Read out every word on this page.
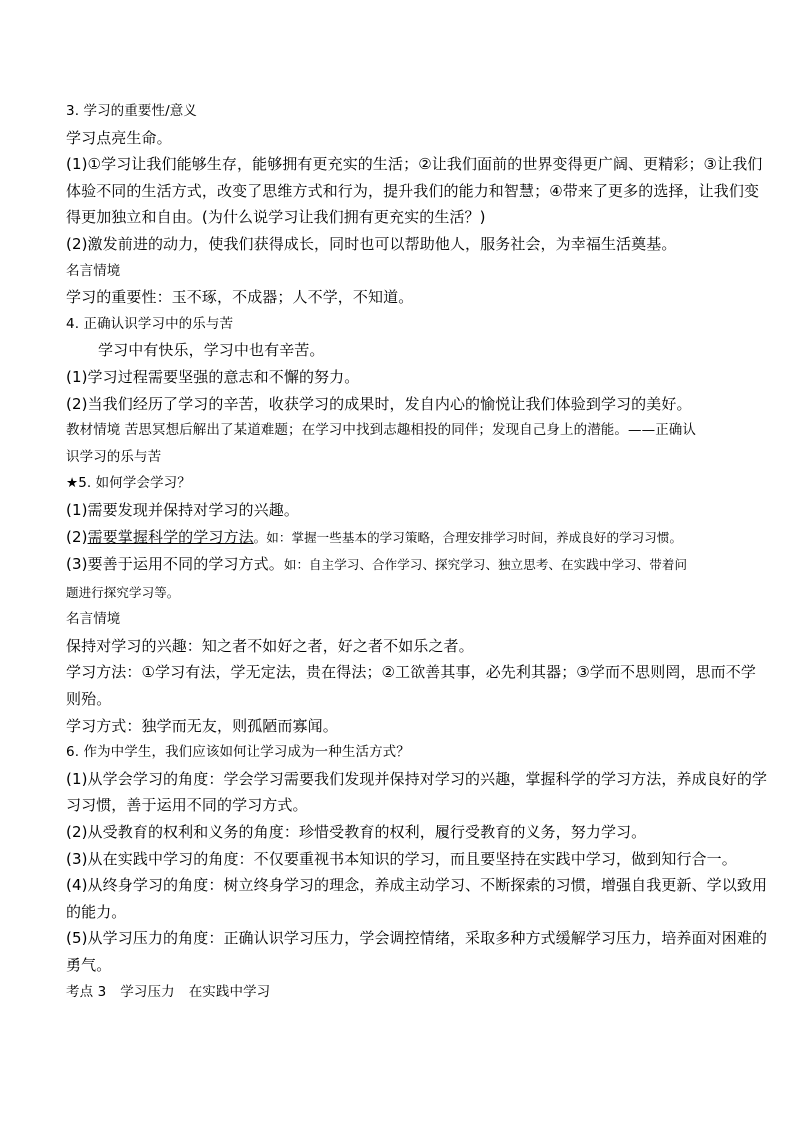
3. 学习的重要性/意义
学习点亮生命。
(1)①学习让我们能够生存，能够拥有更充实的生活；②让我们面前的世界变得更广阔、更精彩；③让我们
体验不同的生活方式，改变了思维方式和行为，提升我们的能力和智慧；④带来了更多的选择，让我们变
得更加独立和自由。(为什么说学习让我们拥有更充实的生活？)
(2)激发前进的动力，使我们获得成长，同时也可以帮助他人，服务社会，为幸福生活奠基。
名言情境
学习的重要性：玉不琢，不成器；人不学，不知道。
4. 正确认识学习中的乐与苦
学习中有快乐，学习中也有辛苦。
(1)学习过程需要坚强的意志和不懈的努力。
(2)当我们经历了学习的辛苦，收获学习的成果时，发自内心的愉悦让我们体验到学习的美好。
教材情境 苦思冥想后解出了某道难题；在学习中找到志趣相投的同伴；发现自己身上的潜能。——正确认
识学习的乐与苦
★5. 如何学会学习？
(1)需要发现并保持对学习的兴趣。
(2)需要掌握科学的学习方法。如：掌握一些基本的学习策略，合理安排学习时间，养成良好的学习习惯。
(3)要善于运用不同的学习方式。如：自主学习、合作学习、探究学习、独立思考、在实践中学习、带着问
题进行探究学习等。
名言情境
保持对学习的兴趣：知之者不如好之者，好之者不如乐之者。
学习方法：①学习有法，学无定法，贵在得法；②工欲善其事，必先利其器；③学而不思则罔，思而不学
则殆。
学习方式：独学而无友，则孤陋而寡闻。
6. 作为中学生，我们应该如何让学习成为一种生活方式？
(1)从学会学习的角度：学会学习需要我们发现并保持对学习的兴趣，掌握科学的学习方法，养成良好的学
习习惯，善于运用不同的学习方式。
(2)从受教育的权利和义务的角度：珍惜受教育的权利，履行受教育的义务，努力学习。
(3)从在实践中学习的角度：不仅要重视书本知识的学习，而且要坚持在实践中学习，做到知行合一。
(4)从终身学习的角度：树立终身学习的理念，养成主动学习、不断探索的习惯，增强自我更新、学以致用
的能力。
(5)从学习压力的角度：正确认识学习压力，学会调控情绪，采取多种方式缓解学习压力，培养面对困难的
勇气。
考点 3 学习压力 在实践中学习
